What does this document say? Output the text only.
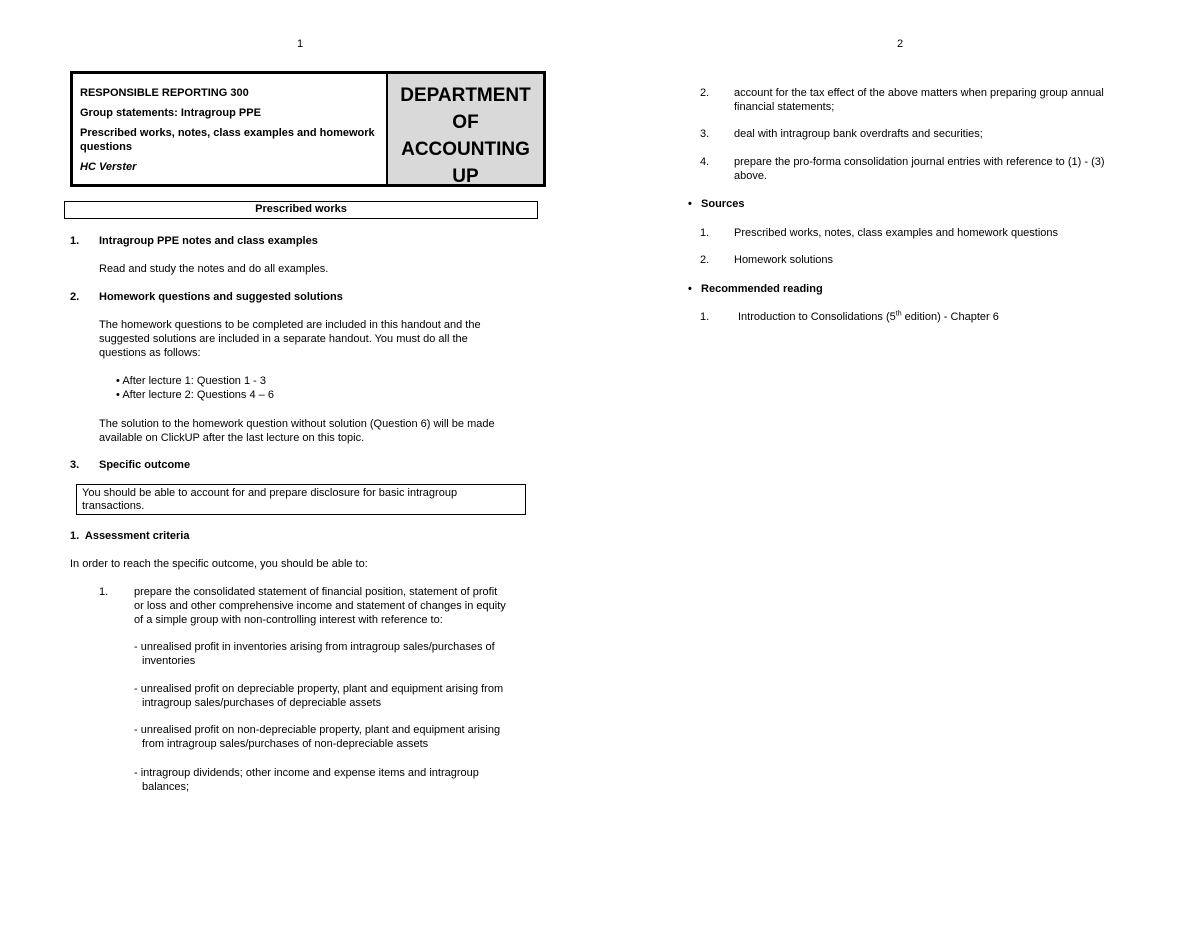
1	2
RESPONSIBLE REPORTING 300
Group statements: Intragroup PPE
Prescribed works, notes, class examples and homework questions
HC Verster
DEPARTMENT
OF
ACCOUNTING
UP
Prescribed works
1. Intragroup PPE notes and class examples
Read and study the notes and do all examples.
2. Homework questions and suggested solutions
The homework questions to be completed are included in this handout and the
suggested solutions are included in a separate handout. You must do all the
questions as follows:
• After lecture 1: Question 1 - 3
• After lecture 2: Questions 4 – 6
The solution to the homework question without solution (Question 6) will be made
available on ClickUP after the last lecture on this topic.
3. Specific outcome
You should be able to account for and prepare disclosure for basic intragroup
transactions.
1.  Assessment criteria
In order to reach the specific outcome, you should be able to:
1. prepare the consolidated statement of financial position, statement of profit
or loss and other comprehensive income and statement of changes in equity
of a simple group with non-controlling interest with reference to:
- unrealised profit in inventories arising from intragroup sales/purchases of
inventories
- unrealised profit on depreciable property, plant and equipment arising from
intragroup sales/purchases of depreciable assets
- unrealised profit on non-depreciable property, plant and equipment arising
from intragroup sales/purchases of non-depreciable assets
- intragroup dividends; other income and expense items and intragroup
balances;
2. account for the tax effect of the above matters when preparing group annual
financial statements;
3. deal with intragroup bank overdrafts and securities;
4. prepare the pro-forma consolidation journal entries with reference to (1) - (3)
above.
• Sources
1. Prescribed works, notes, class examples and homework questions
2. Homework solutions
• Recommended reading
1.	Introduction to Consolidations (5th edition) - Chapter 6
